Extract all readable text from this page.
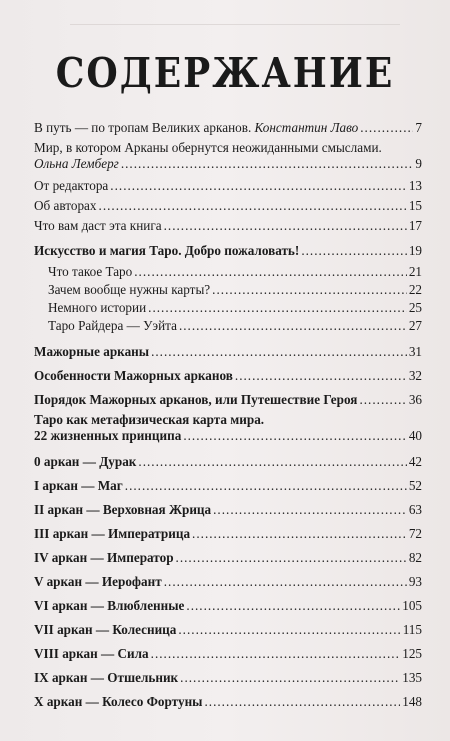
СОДЕРЖАНИЕ
В путь — по тропам Великих арканов. Константин Лаво .....	7
Мир, в котором Арканы обернутся неожиданными смыслами.
Ольна Лемберг .....	9
От редактора .....	13
Об авторах .....	15
Что вам даст эта книга .....	17
Искусство и магия Таро. Добро пожаловать! .....	19
Что такое Таро .....	21
Зачем вообще нужны карты? .....	22
Немного истории .....	25
Таро Райдера — Уэйта .....	27
Мажорные арканы .....	31
Особенности Мажорных арканов .....	32
Порядок Мажорных арканов, или Путешествие Героя .....	36
Таро как метафизическая карта мира.
22 жизненных принципа .....	40
0 аркан — Дурак .....	42
I аркан — Маг .....	52
II аркан — Верховная Жрица .....	63
III аркан — Императрица .....	72
IV аркан — Император .....	82
V аркан — Иерофант .....	93
VI аркан — Влюбленные .....	105
VII аркан — Колесница .....	115
VIII аркан — Сила .....	125
IX аркан — Отшельник .....	135
X аркан — Колесо Фортуны .....	148
